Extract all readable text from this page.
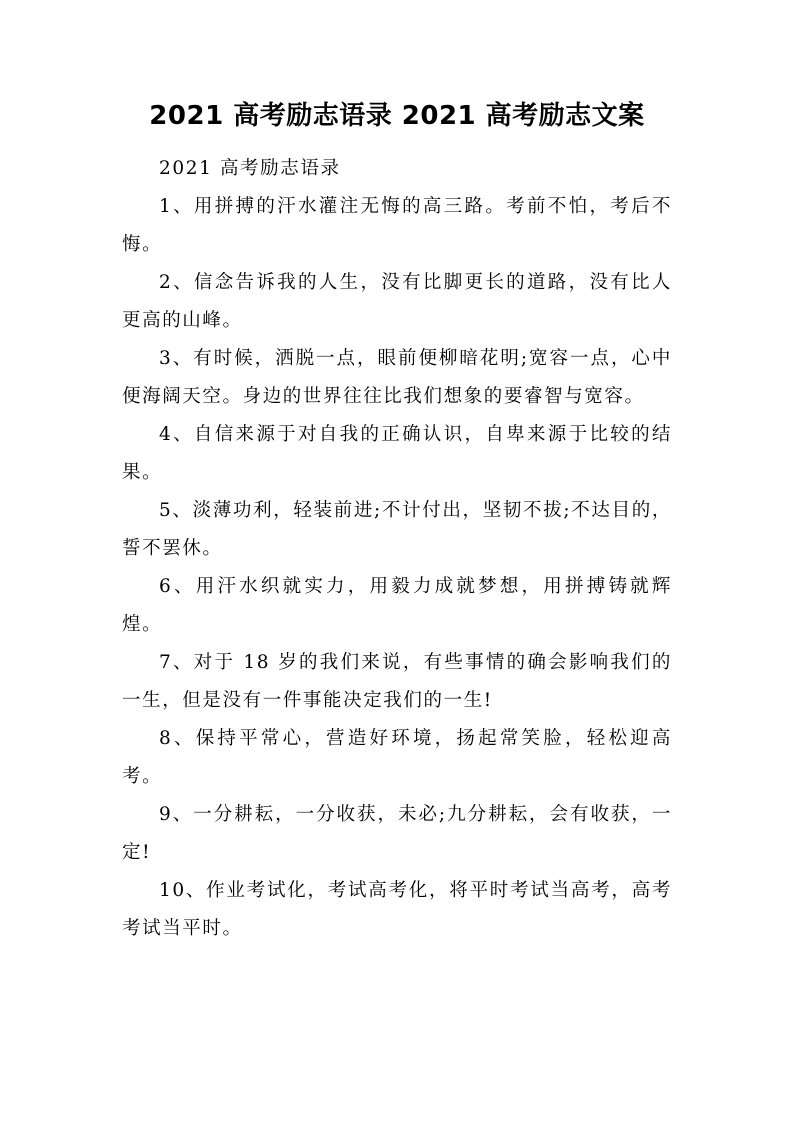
2021 高考励志语录 2021 高考励志文案

2021 高考励志语录

1、用拼搏的汗水灌注无悔的高三路。考前不怕，考后不悔。

2、信念告诉我的人生，没有比脚更长的道路，没有比人更高的山峰。

3、有时候，洒脱一点，眼前便柳暗花明;宽容一点，心中便海阔天空。身边的世界往往比我们想象的要睿智与宽容。

4、自信来源于对自我的正确认识，自卑来源于比较的结果。

5、淡薄功利，轻装前进;不计付出，坚韧不拔;不达目的，誓不罢休。

6、用汗水织就实力，用毅力成就梦想，用拼搏铸就辉煌。

7、对于 18 岁的我们来说，有些事情的确会影响我们的一生，但是没有一件事能决定我们的一生!

8、保持平常心，营造好环境，扬起常笑脸，轻松迎高考。

9、一分耕耘，一分收获，未必;九分耕耘，会有收获，一定!

10、作业考试化，考试高考化，将平时考试当高考，高考考试当平时。
